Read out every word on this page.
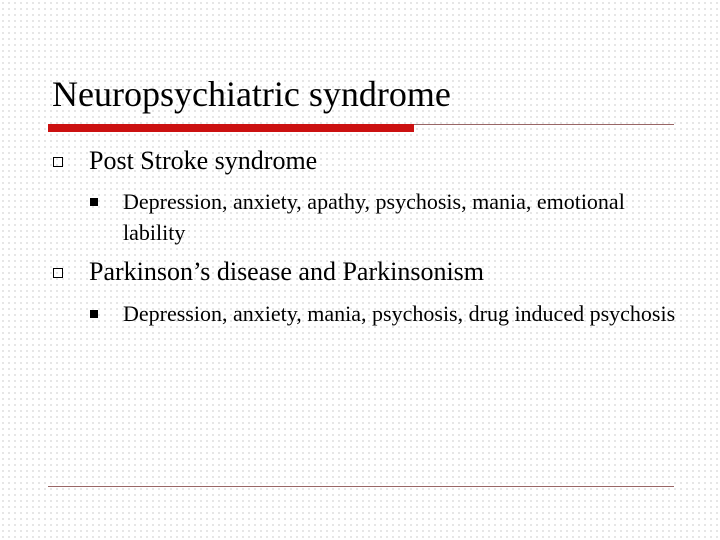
Neuropsychiatric syndrome
Post Stroke syndrome
Depression, anxiety, apathy, psychosis, mania, emotional lability
Parkinson’s disease and Parkinsonism
Depression, anxiety, mania, psychosis, drug induced psychosis
